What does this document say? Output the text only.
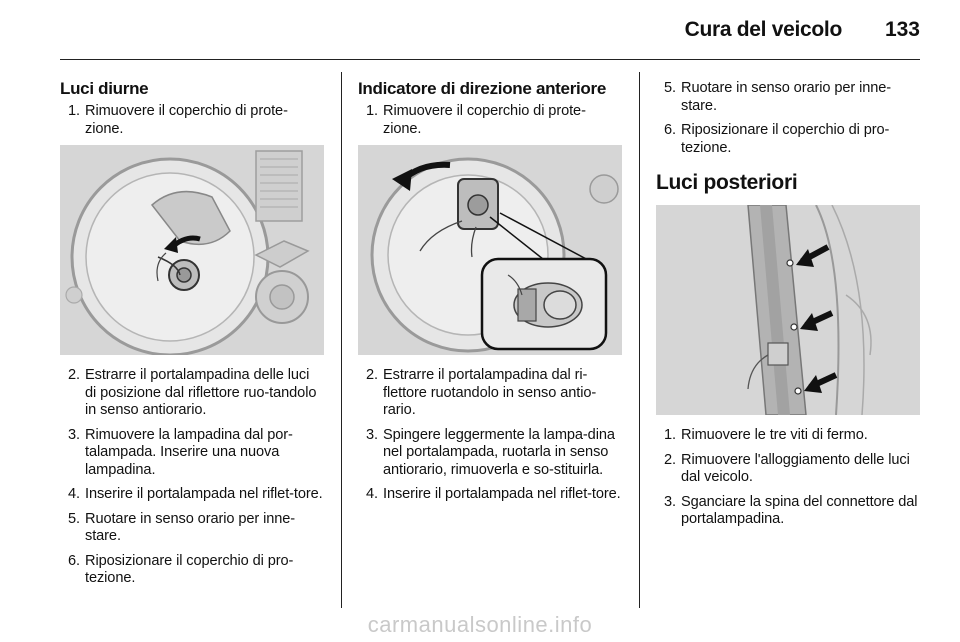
Cura del veicolo 133
Luci diurne
1. Rimuovere il coperchio di prote-zione.
2. Estrarre il portalampadina delle luci di posizione dal riflettore ruo-tandolo in senso antiorario.
3. Rimuovere la lampadina dal por-talampada. Inserire una nuova lampadina.
4. Inserire il portalampada nel riflet-tore.
5. Ruotare in senso orario per inne-stare.
6. Riposizionare il coperchio di pro-tezione.
Indicatore di direzione anteriore
1. Rimuovere il coperchio di prote-zione.
2. Estrarre il portalampadina dal ri-flettore ruotandolo in senso antio-rario.
3. Spingere leggermente la lampa-dina nel portalampada, ruotarla in senso antiorario, rimuoverla e so-stituirla.
4. Inserire il portalampada nel riflet-tore.
5. Ruotare in senso orario per inne-stare.
6. Riposizionare il coperchio di pro-tezione.
Luci posteriori
1. Rimuovere le tre viti di fermo.
2. Rimuovere l'alloggiamento delle luci dal veicolo.
3. Sganciare la spina del connettore dal portalampadina.
carmanualsonline.info
